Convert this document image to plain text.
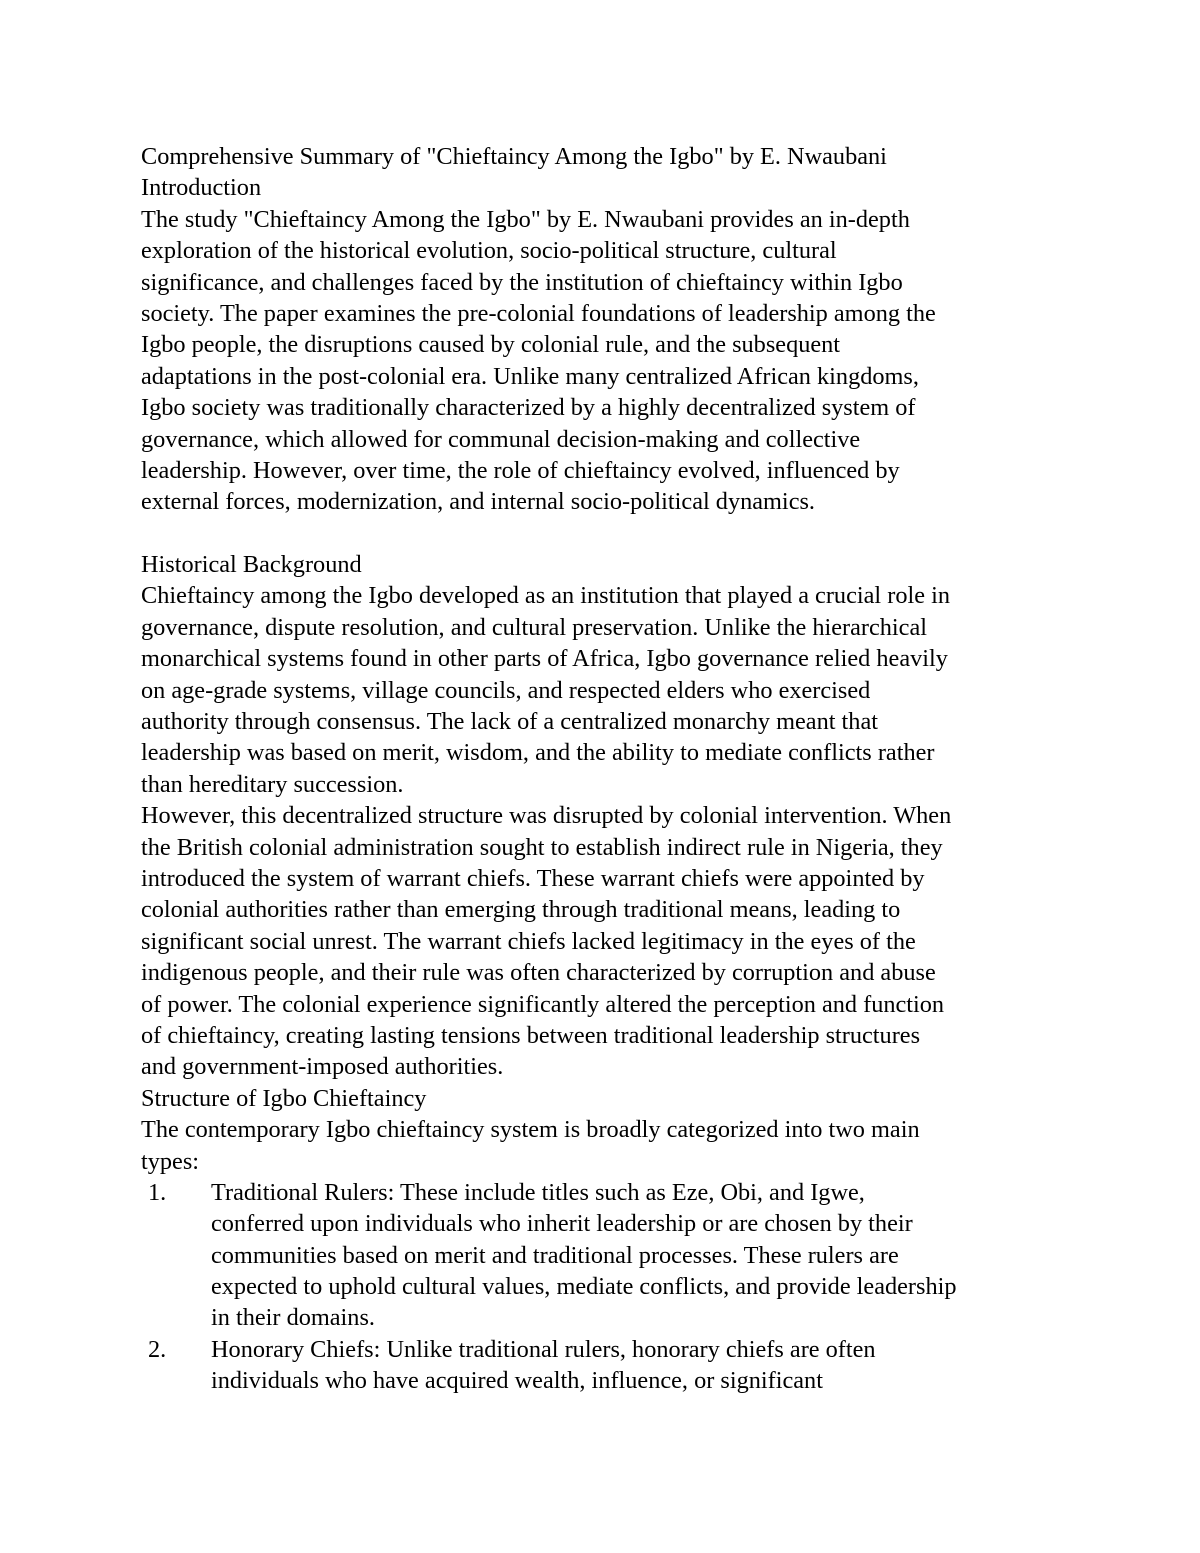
Comprehensive Summary of "Chieftaincy Among the Igbo" by E. Nwaubani
Introduction
The study "Chieftaincy Among the Igbo" by E. Nwaubani provides an in-depth
exploration of the historical evolution, socio-political structure, cultural
significance, and challenges faced by the institution of chieftaincy within Igbo
society. The paper examines the pre-colonial foundations of leadership among the
Igbo people, the disruptions caused by colonial rule, and the subsequent
adaptations in the post-colonial era. Unlike many centralized African kingdoms,
Igbo society was traditionally characterized by a highly decentralized system of
governance, which allowed for communal decision-making and collective
leadership. However, over time, the role of chieftaincy evolved, influenced by
external forces, modernization, and internal socio-political dynamics.
Historical Background
Chieftaincy among the Igbo developed as an institution that played a crucial role in
governance, dispute resolution, and cultural preservation. Unlike the hierarchical
monarchical systems found in other parts of Africa, Igbo governance relied heavily
on age-grade systems, village councils, and respected elders who exercised
authority through consensus. The lack of a centralized monarchy meant that
leadership was based on merit, wisdom, and the ability to mediate conflicts rather
than hereditary succession.
However, this decentralized structure was disrupted by colonial intervention. When
the British colonial administration sought to establish indirect rule in Nigeria, they
introduced the system of warrant chiefs. These warrant chiefs were appointed by
colonial authorities rather than emerging through traditional means, leading to
significant social unrest. The warrant chiefs lacked legitimacy in the eyes of the
indigenous people, and their rule was often characterized by corruption and abuse
of power. The colonial experience significantly altered the perception and function
of chieftaincy, creating lasting tensions between traditional leadership structures
and government-imposed authorities.
Structure of Igbo Chieftaincy
The contemporary Igbo chieftaincy system is broadly categorized into two main
types:
1. Traditional Rulers: These include titles such as Eze, Obi, and Igwe,
conferred upon individuals who inherit leadership or are chosen by their
communities based on merit and traditional processes. These rulers are
expected to uphold cultural values, mediate conflicts, and provide leadership
in their domains.
2. Honorary Chiefs: Unlike traditional rulers, honorary chiefs are often
individuals who have acquired wealth, influence, or significant
